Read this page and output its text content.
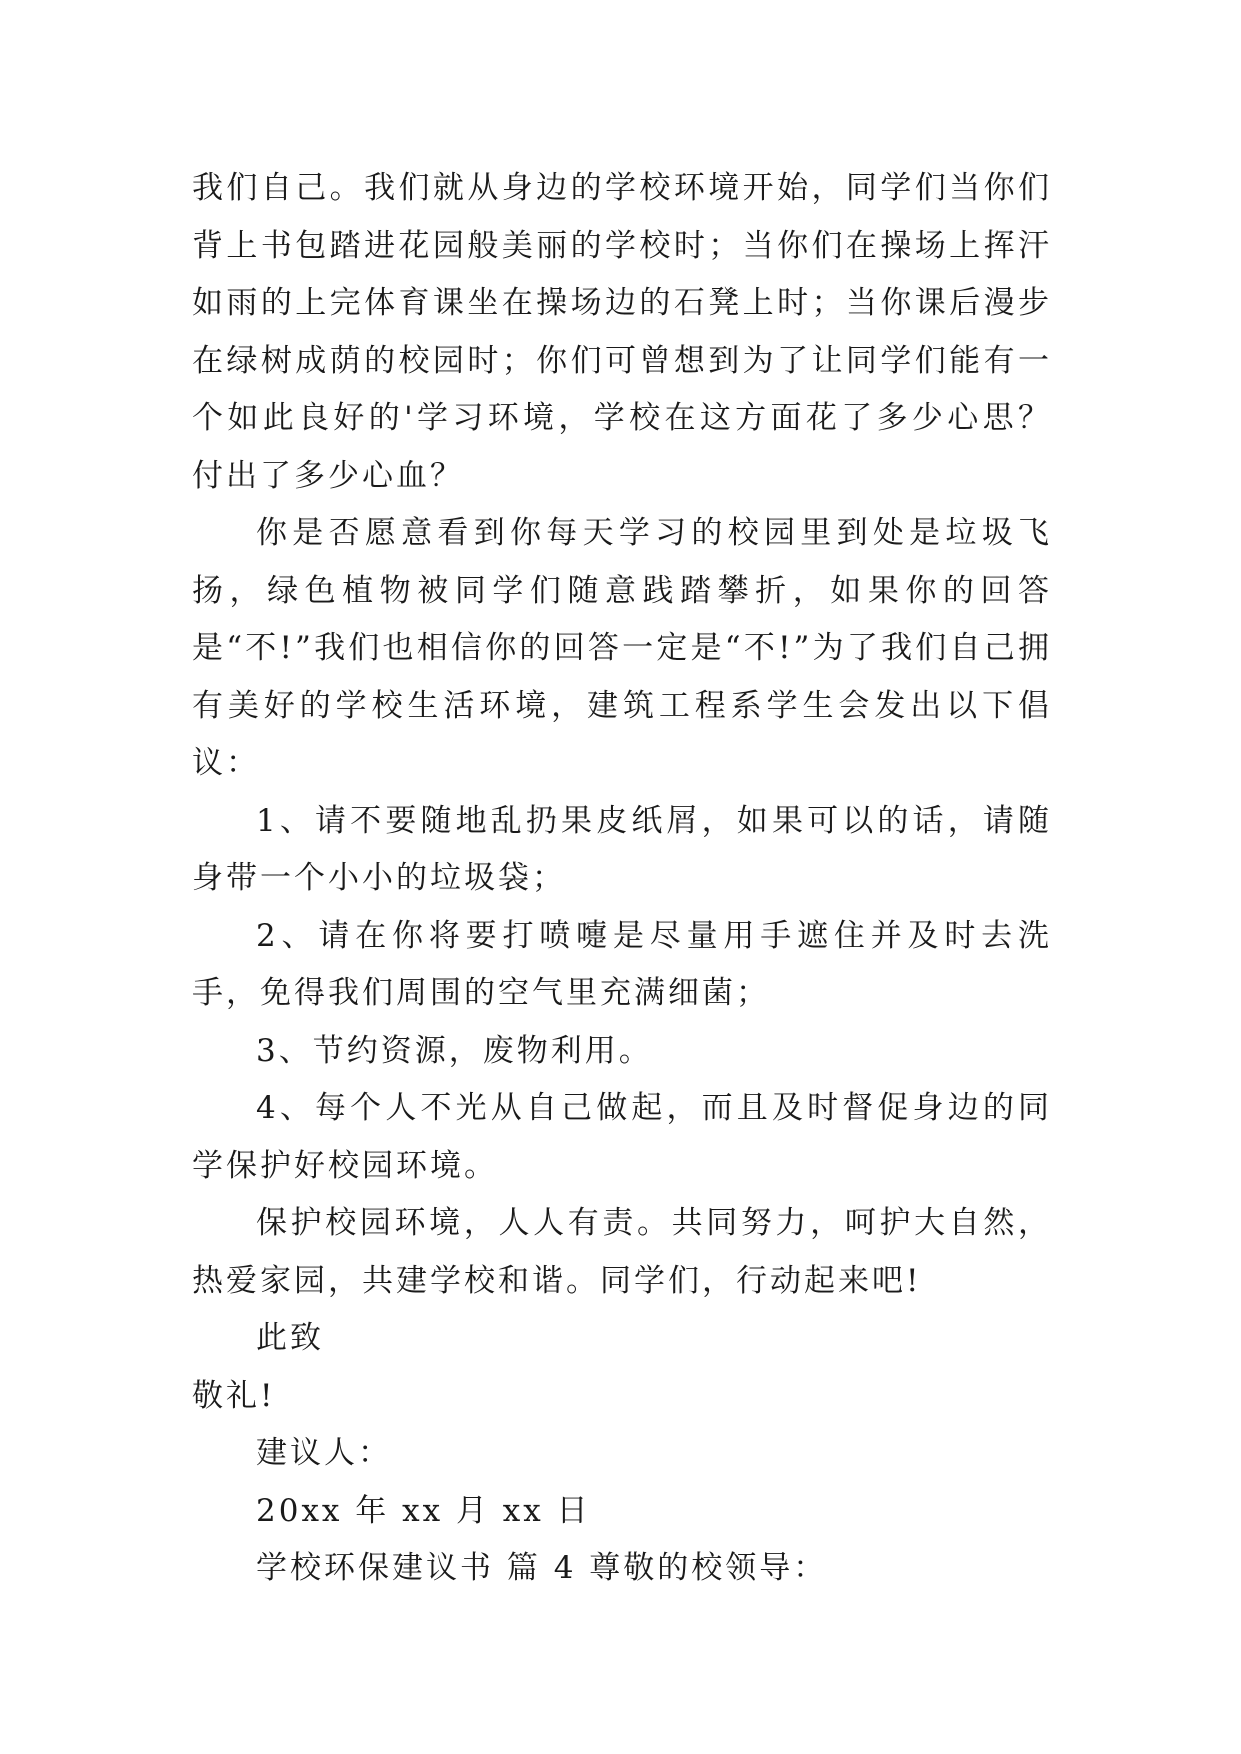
我们自己。我们就从身边的学校环境开始，同学们当你们背上书包踏进花园般美丽的学校时；当你们在操场上挥汗如雨的上完体育课坐在操场边的石凳上时；当你课后漫步在绿树成荫的校园时；你们可曾想到为了让同学们能有一个如此良好的'学习环境，学校在这方面花了多少心思？付出了多少心血？

你是否愿意看到你每天学习的校园里到处是垃圾飞扬，绿色植物被同学们随意践踏攀折，如果你的回答是“不!”我们也相信你的回答一定是“不!”为了我们自己拥有美好的学校生活环境，建筑工程系学生会发出以下倡议：

1、请不要随地乱扔果皮纸屑，如果可以的话，请随身带一个小小的垃圾袋；

2、请在你将要打喷嚏是尽量用手遮住并及时去洗手，免得我们周围的空气里充满细菌；

3、节约资源，废物利用。

4、每个人不光从自己做起，而且及时督促身边的同学保护好校园环境。

保护校园环境，人人有责。共同努力，呵护大自然，热爱家园，共建学校和谐。同学们，行动起来吧!

此致

敬礼!

建议人：

20xx 年 xx 月 xx 日

学校环保建议书 篇 4 尊敬的校领导：
